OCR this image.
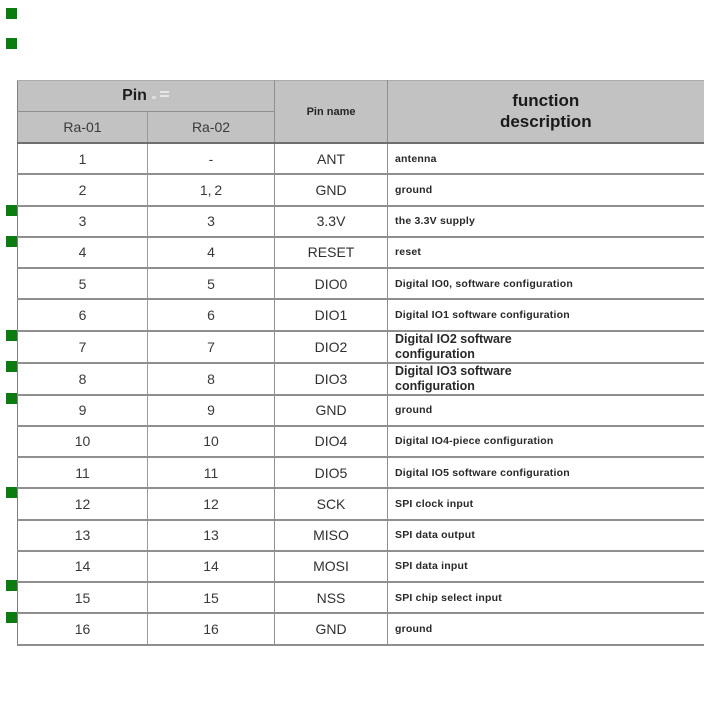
Pin		Pin name	function description
Ra-01	Ra-02		
1	-	ANT	antenna
2	1, 2	GND	ground
3	3	3.3V	the 3.3V supply
4	4	RESET	reset
5	5	DIO0	Digital IO0, software configuration
6	6	DIO1	Digital IO1 software configuration
7	7	DIO2	Digital IO2 software configuration
8	8	DIO3	Digital IO3 software configuration
9	9	GND	ground
10	10	DIO4	Digital IO4-piece configuration
11	11	DIO5	Digital IO5 software configuration
12	12	SCK	SPI clock input
13	13	MISO	SPI data output
14	14	MOSI	SPI data input
15	15	NSS	SPI chip select input
16	16	GND	ground
